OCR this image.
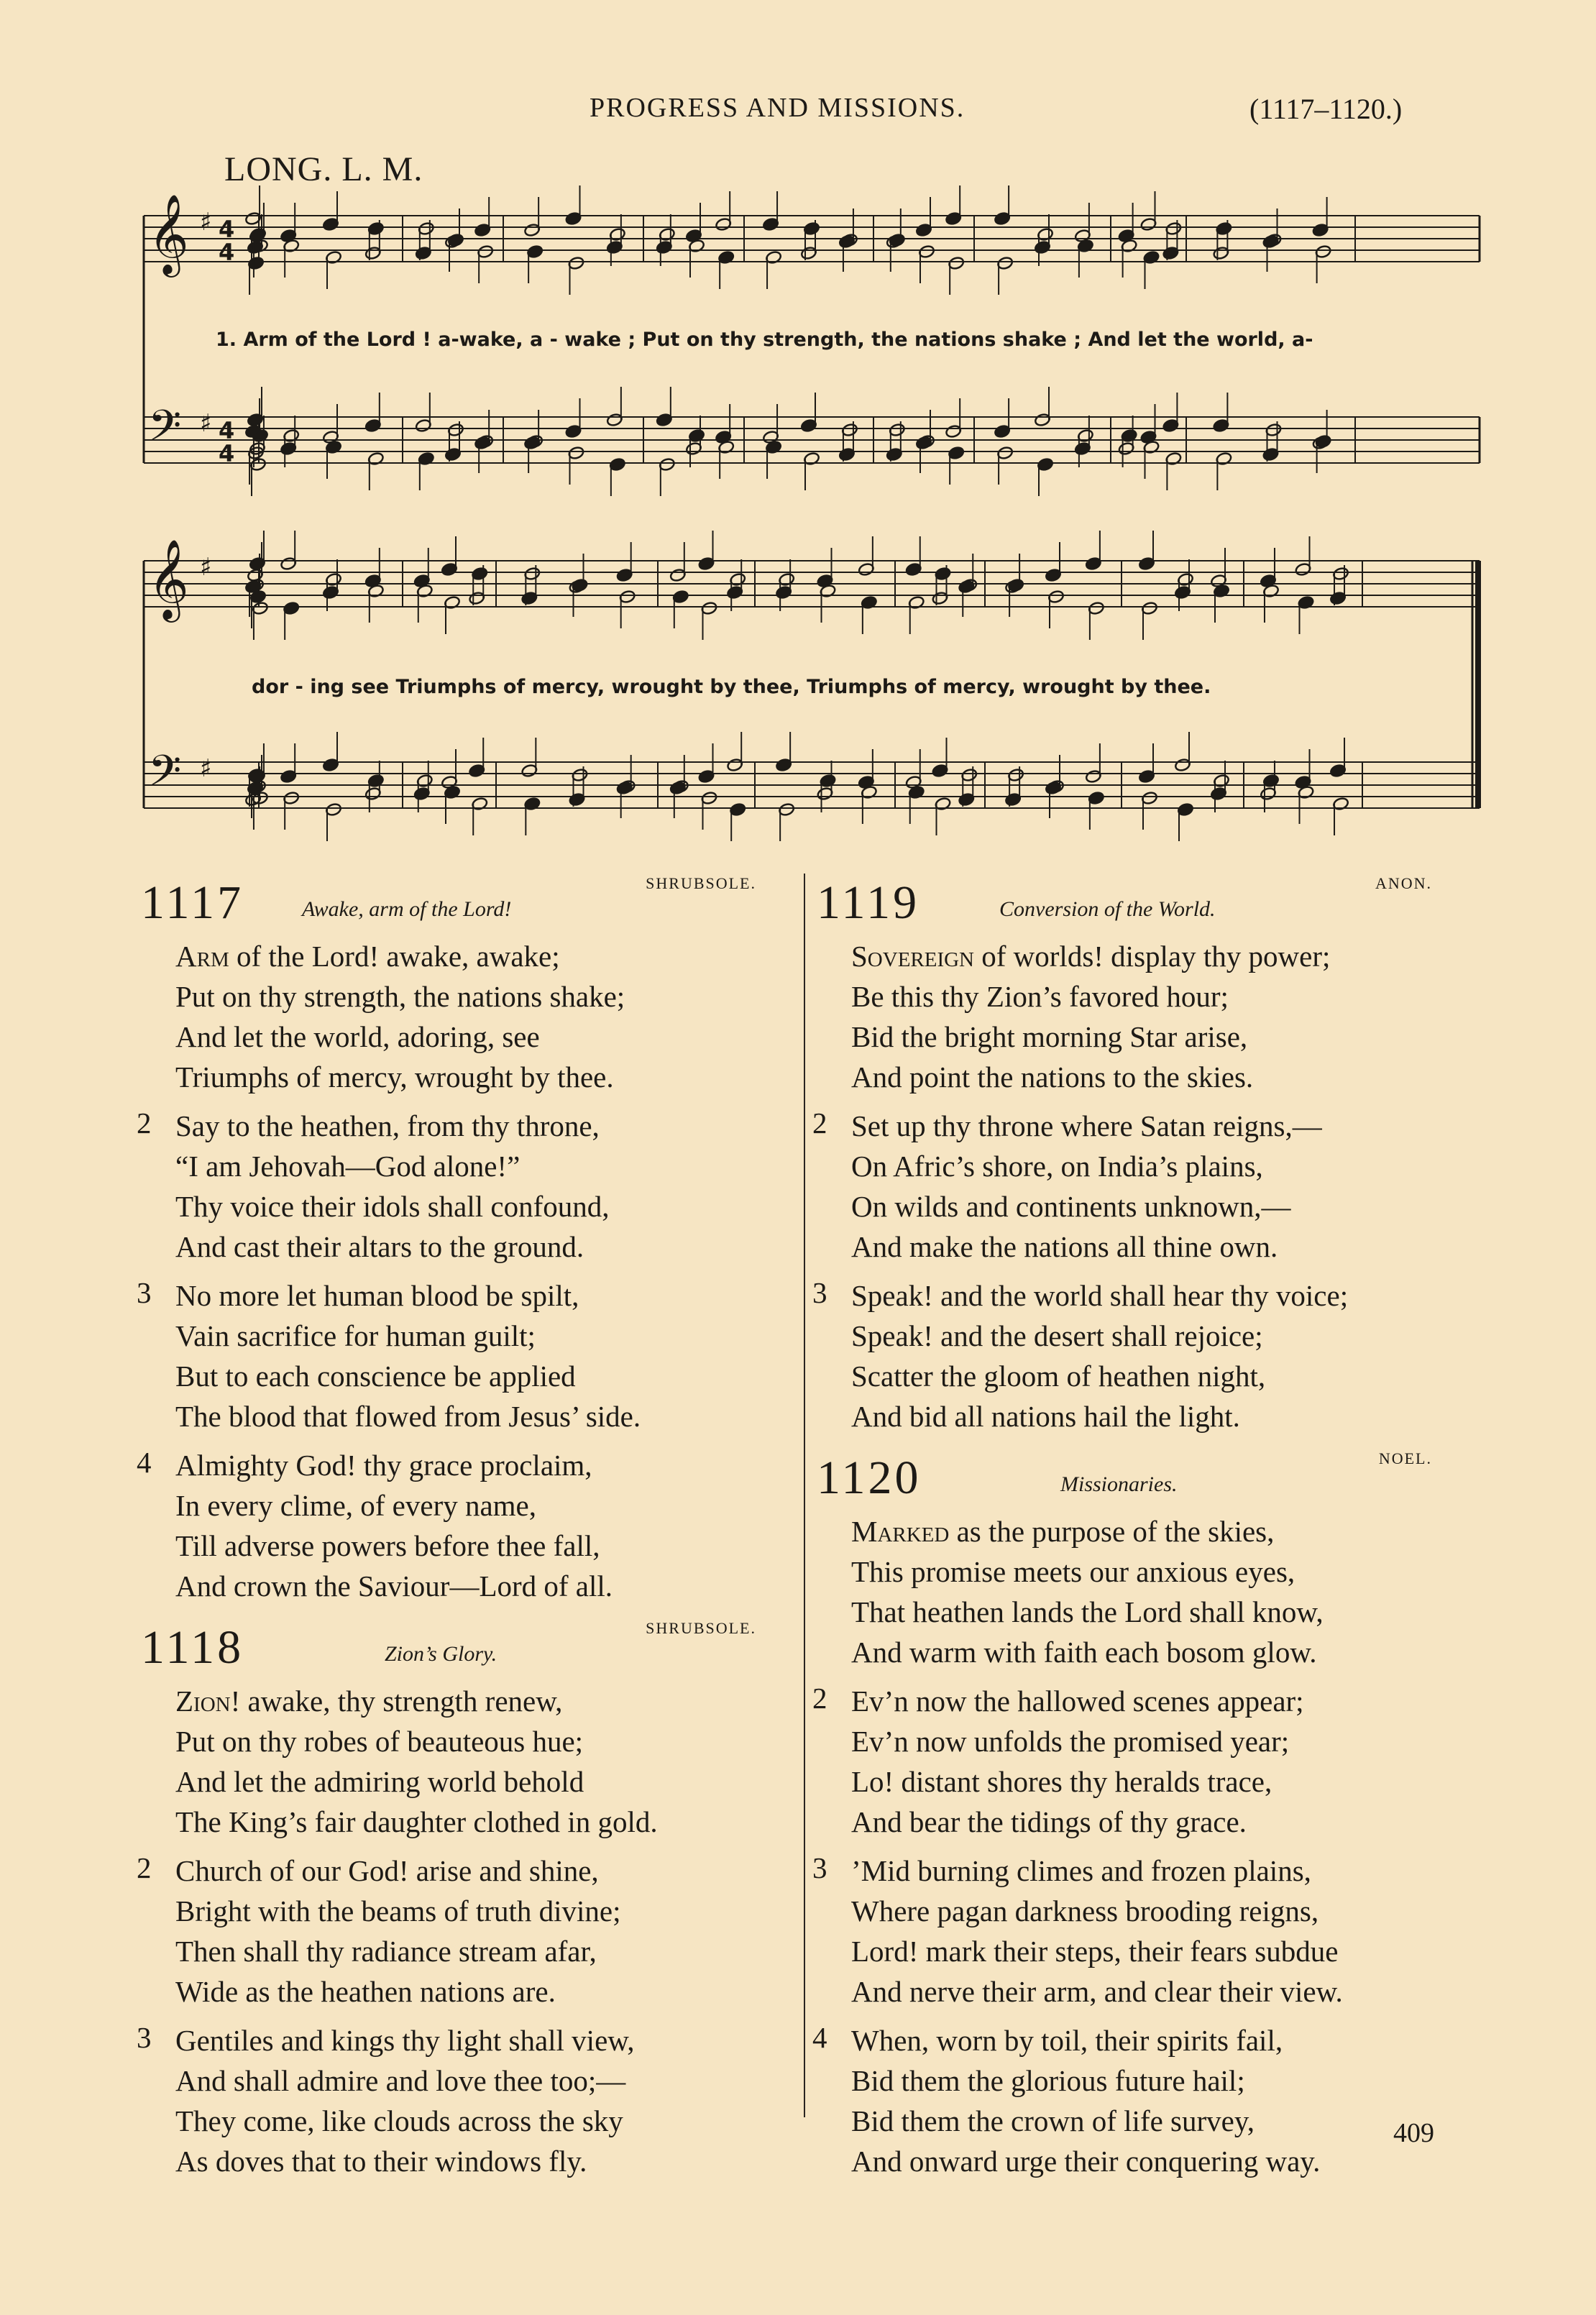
PROGRESS AND MISSIONS.	(1117–1120.)
LONG. L. M.
𝄞 ♯ 4
4
𝄢 ♯ 4
4
𝄞 ♯
𝄢 ♯
1. Arm of the Lord ! a-wake, a - wake ; Put on thy strength, the nations shake ; And let the world, a-
dor - ing see Triumphs of mercy, wrought by thee, Triumphs of mercy, wrought by thee.
1117	Awake, arm of the Lord!
SHRUBSOLE.
Arm of the Lord! awake, awake;
Put on thy strength, the nations shake;
And let the world, adoring, see
Triumphs of mercy, wrought by thee.
2 Say to the heathen, from thy throne,
“I am Jehovah—God alone!”
Thy voice their idols shall confound,
And cast their altars to the ground.
3 No more let human blood be spilt,
Vain sacrifice for human guilt;
But to each conscience be applied
The blood that flowed from Jesus’ side.
4 Almighty God! thy grace proclaim,
In every clime, of every name,
Till adverse powers before thee fall,
And crown the Saviour—Lord of all.
1118	Zion’s Glory.
SHRUBSOLE.
Zion! awake, thy strength renew,
Put on thy robes of beauteous hue;
And let the admiring world behold
The King’s fair daughter clothed in gold.
2 Church of our God! arise and shine,
Bright with the beams of truth divine;
Then shall thy radiance stream afar,
Wide as the heathen nations are.
3 Gentiles and kings thy light shall view,
And shall admire and love thee too;—
They come, like clouds across the sky
As doves that to their windows fly.
1119	Conversion of the World.
ANON.
Sovereign of worlds! display thy power;
Be this thy Zion’s favored hour;
Bid the bright morning Star arise,
And point the nations to the skies.
2 Set up thy throne where Satan reigns,—
On Afric’s shore, on India’s plains,
On wilds and continents unknown,—
And make the nations all thine own.
3 Speak! and the world shall hear thy voice;
Speak! and the desert shall rejoice;
Scatter the gloom of heathen night,
And bid all nations hail the light.
1120	Missionaries.
NOEL.
Marked as the purpose of the skies,
This promise meets our anxious eyes,
That heathen lands the Lord shall know,
And warm with faith each bosom glow.
2 Ev’n now the hallowed scenes appear;
Ev’n now unfolds the promised year;
Lo! distant shores thy heralds trace,
And bear the tidings of thy grace.
3 ’Mid burning climes and frozen plains,
Where pagan darkness brooding reigns,
Lord! mark their steps, their fears subdue
And nerve their arm, and clear their view.
4 When, worn by toil, their spirits fail,
Bid them the glorious future hail;
Bid them the crown of life survey,
And onward urge their conquering way.
409
